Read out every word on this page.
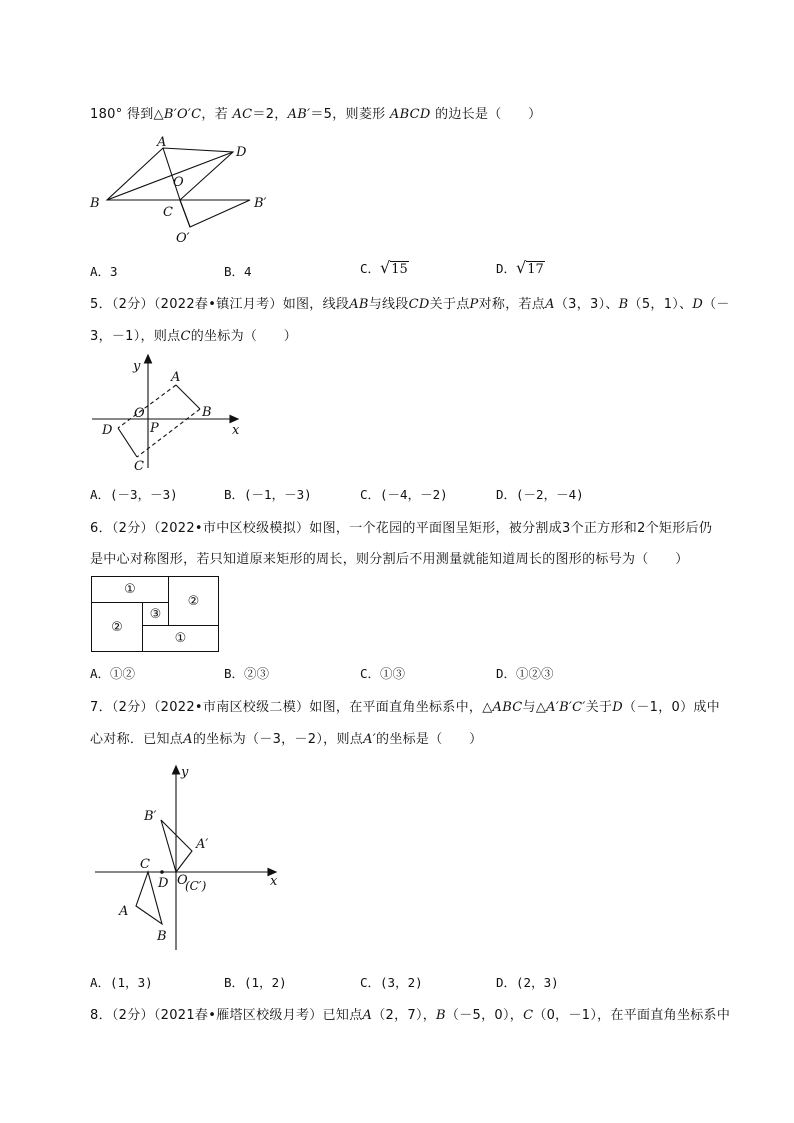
180° 得到△B′O′C，若 AC＝2，AB′＝5，则菱形 ABCD 的边长是（　　）
A
D
O
B
C
B′
O′
A．3	B．4	C．√15	D．√17
5．（2分）（2022春•镇江月考）如图，线段AB与线段CD关于点P对称，若点A（3，3）、B（5，1）、D（－
3，－1），则点C的坐标为（　　）
y
x
A
B
O
P
D
C
A．(－3，－3)	B．(－1，－3)	C．(－4，－2)	D．(－2，－4)
6．（2分）（2022•市中区校级模拟）如图，一个花园的平面图呈矩形，被分割成3个正方形和2个矩形后仍
是中心对称图形，若只知道原来矩形的周长，则分割后不用测量就能知道周长的图形的标号为（　　）
①
②
②
③
①
A．①②	B．②③	C．①③	D．①②③
7．（2分）（2022•市南区校级二模）如图，在平面直角坐标系中，△ABC与△A′B′C′关于D（－1，0）成中
心对称．已知点A的坐标为（－3，－2），则点A′的坐标是（　　）
y
x
B′
A′
C
D O
(C′)
A
B
A．(1，3)	B．(1，2)	C．(3，2)	D．(2，3)
8．（2分）（2021春•雁塔区校级月考）已知点A（2，7），B（－5，0），C（0，－1），在平面直角坐标系中
